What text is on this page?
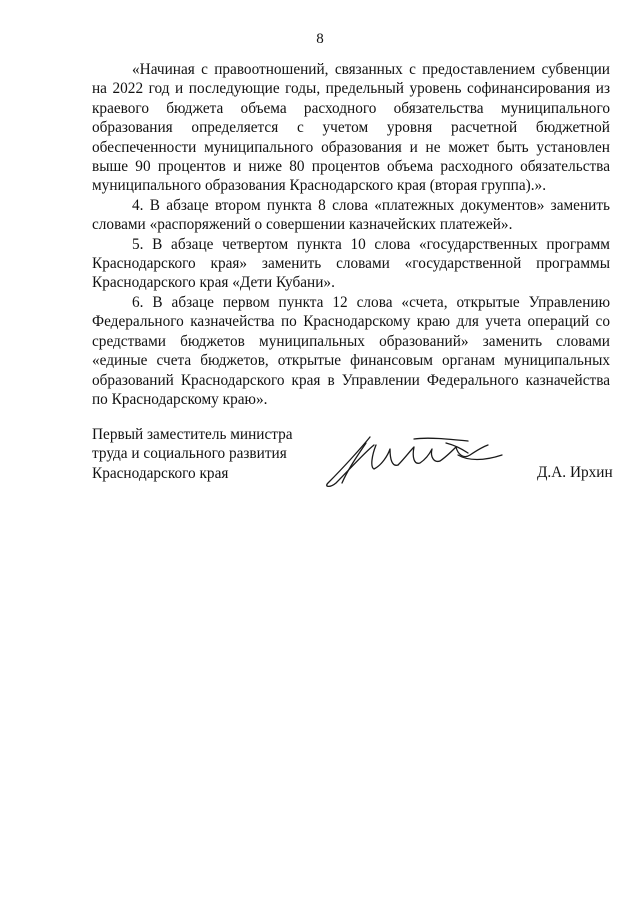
8

«Начиная с правоотношений, связанных с предоставлением субвенции на 2022 год и последующие годы, предельный уровень софинансирования из краевого бюджета объема расходного обязательства муниципального образования определяется с учетом уровня расчетной бюджетной обеспеченности муниципального образования и не может быть установлен выше 90 процентов и ниже 80 процентов объема расходного обязательства муниципального образования Краснодарского края (вторая группа).».

4. В абзаце втором пункта 8 слова «платежных документов» заменить словами «распоряжений о совершении казначейских платежей».

5. В абзаце четвертом пункта 10 слова «государственных программ Краснодарского края» заменить словами «государственной программы Краснодарского края «Дети Кубани».

6. В абзаце первом пункта 12 слова «счета, открытые Управлению Федерального казначейства по Краснодарскому краю для учета операций со средствами бюджетов муниципальных образований» заменить словами «единые счета бюджетов, открытые финансовым органам муниципальных образований Краснодарского края в Управлении Федерального казначейства по Краснодарскому краю».

Первый заместитель министра
труда и социального развития
Краснодарского края	Д.А. Ирхин
